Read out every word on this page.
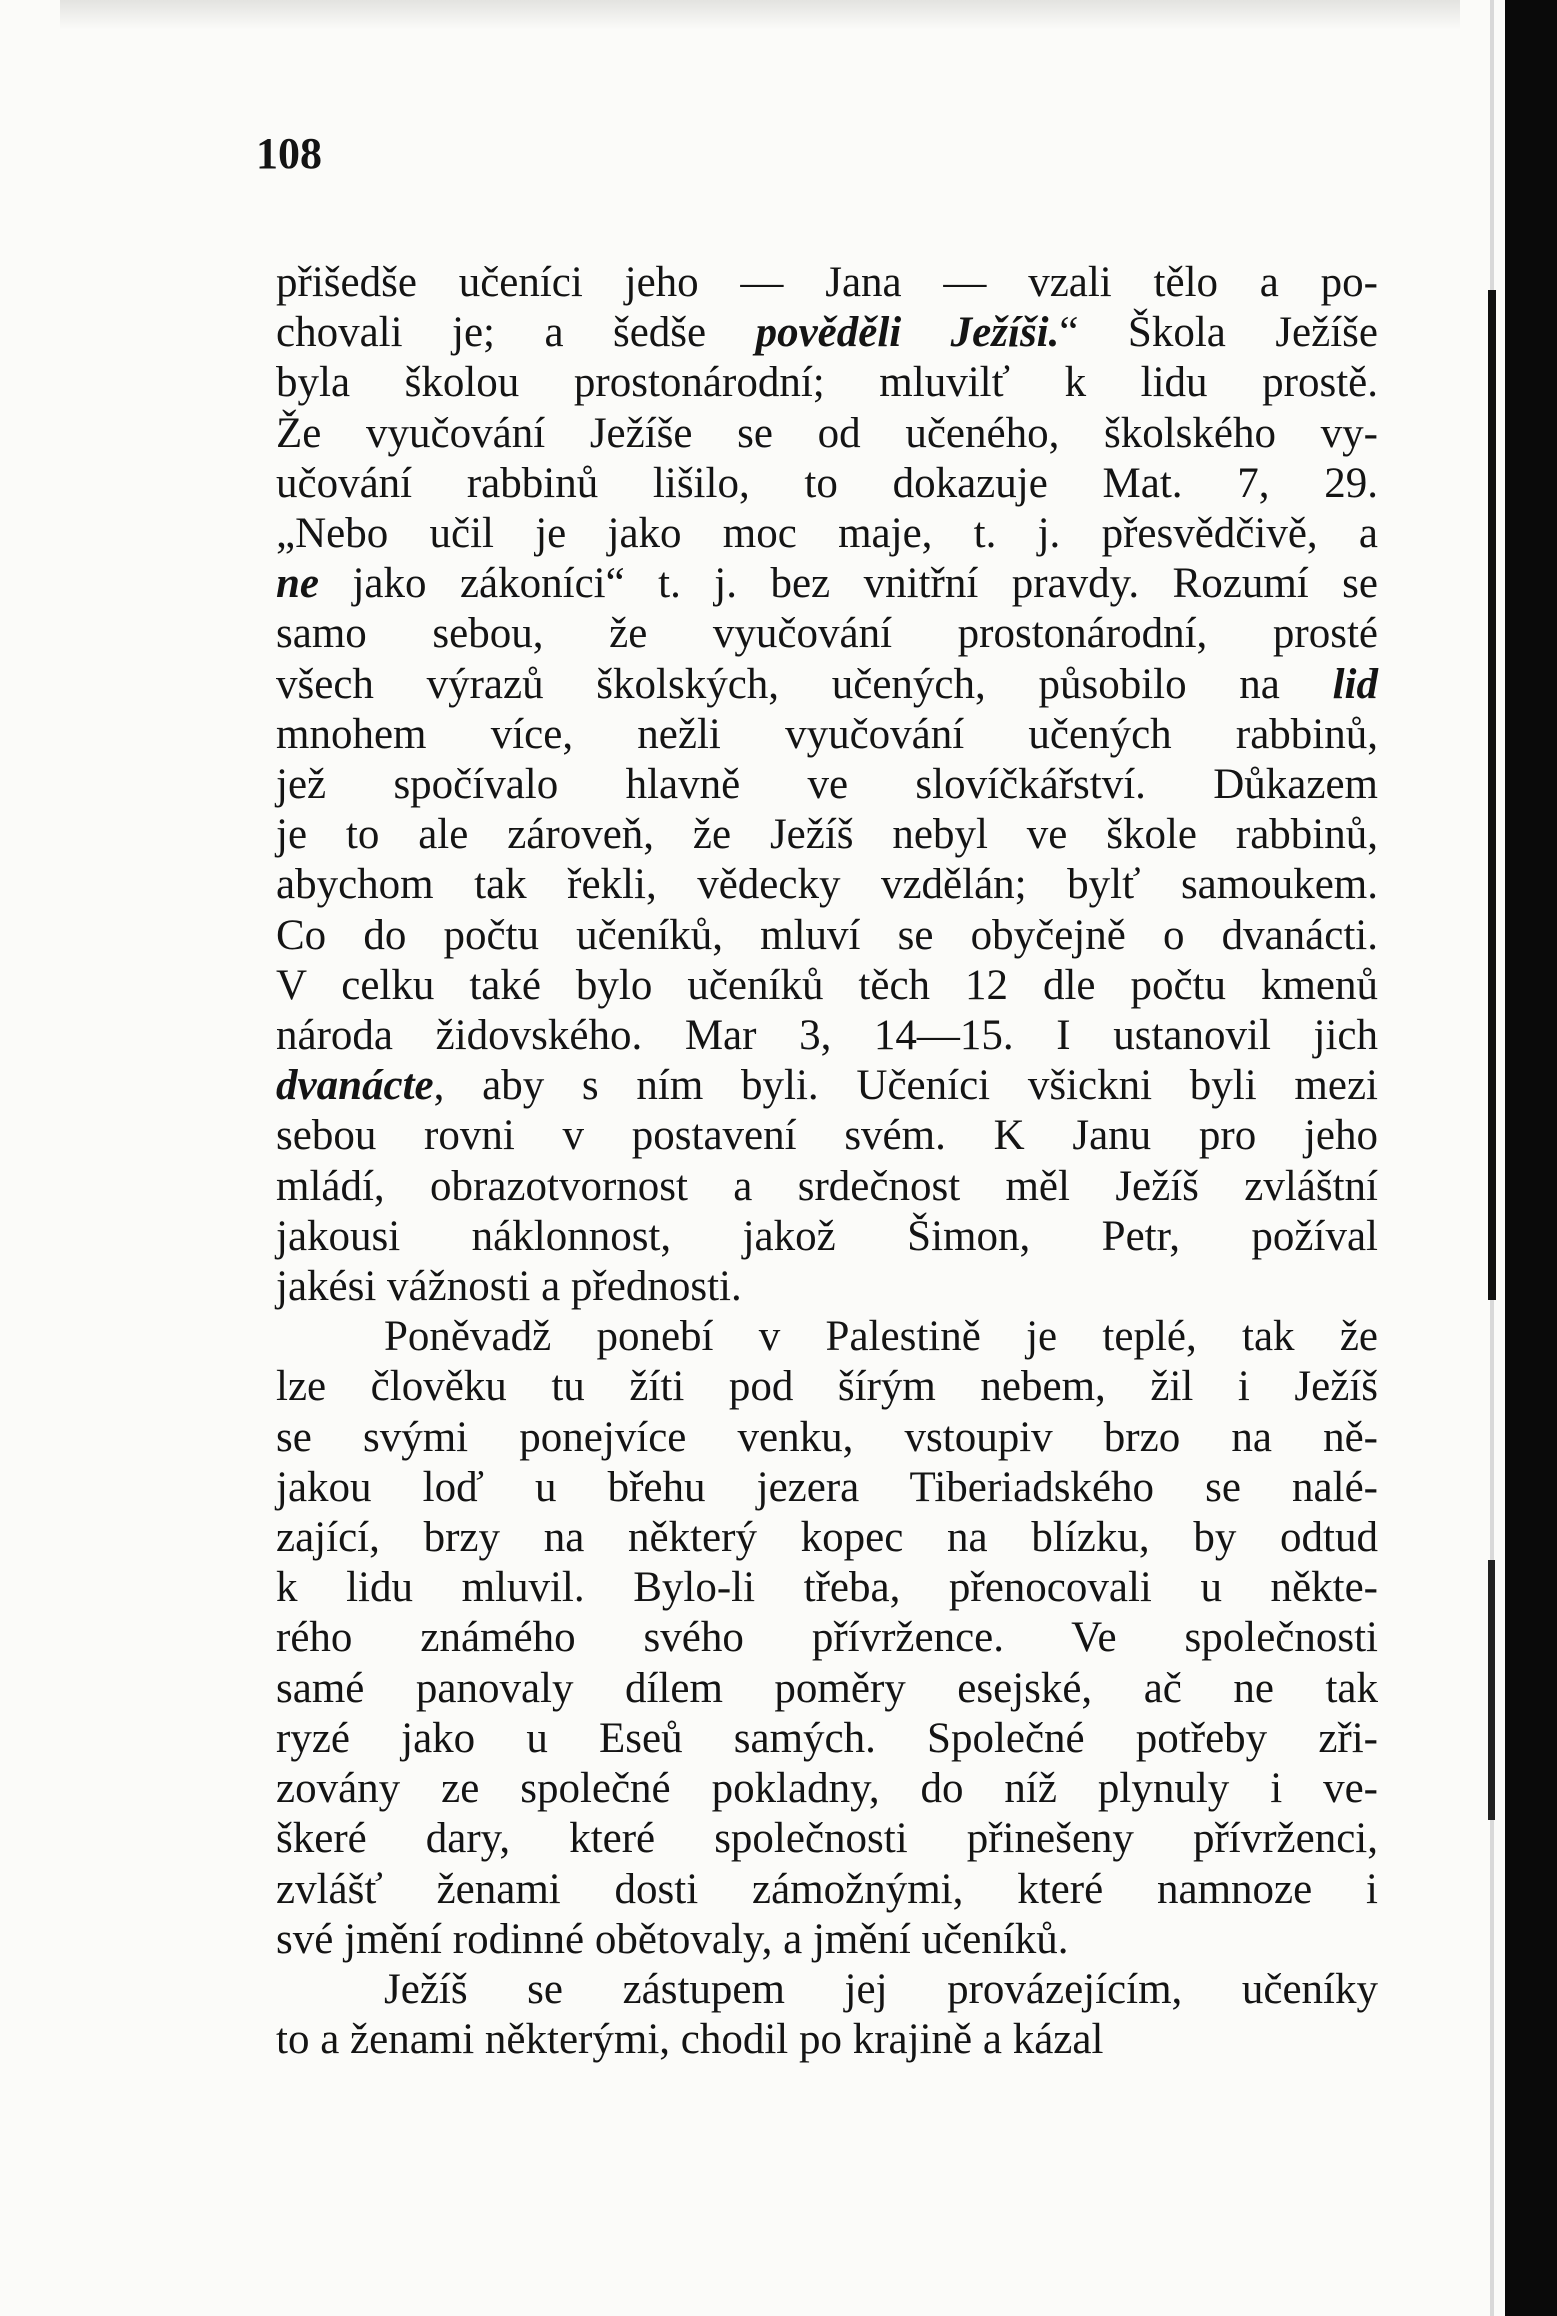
108
přišedše učeníci jeho — Jana — vzali tělo a po-
chovali je; a šedše pověděli Ježíši.“ Škola Ježíše
byla školou prostonárodní; mluvilť k lidu prostě.
Že vyučování Ježíše se od učeného, školského vy-
učování rabbinů lišilo, to dokazuje Mat. 7, 29.
„Nebo učil je jako moc maje, t. j. přesvědčivě, a
ne jako zákoníci“ t. j. bez vnitřní pravdy. Rozumí se
samo sebou, že vyučování prostonárodní, prosté
všech výrazů školských, učených, působilo na lid
mnohem více, nežli vyučování učených rabbinů,
jež spočívalo hlavně ve slovíčkářství. Důkazem
je to ale zároveň, že Ježíš nebyl ve škole rabbinů,
abychom tak řekli, vědecky vzdělán; bylť samoukem.
Co do počtu učeníků, mluví se obyčejně o dvanácti.
V celku také bylo učeníků těch 12 dle počtu kmenů
národa židovského. Mar 3, 14—15. I ustanovil jich
dvanácte, aby s ním byli. Učeníci všickni byli mezi
sebou rovni v postavení svém. K Janu pro jeho
mládí, obrazotvornost a srdečnost měl Ježíš zvláštní
jakousi náklonnost, jakož Šimon, Petr, požíval
jakési vážnosti a přednosti.
Poněvadž ponebí v Palestině je teplé, tak že
lze člověku tu žíti pod šírým nebem, žil i Ježíš
se svými ponejvíce venku, vstoupiv brzo na ně-
jakou loď u břehu jezera Tiberiadského se nalé-
zající, brzy na některý kopec na blízku, by odtud
k lidu mluvil. Bylo-li třeba, přenocovali u někte-
rého známého svého přívržence. Ve společnosti
samé panovaly dílem poměry esejské, ač ne tak
ryzé jako u Eseů samých. Společné potřeby zři-
zovány ze společné pokladny, do níž plynuly i ve-
škeré dary, které společnosti přinešeny přívrženci,
zvlášť ženami dosti zámožnými, které namnoze i
své jmění rodinné obětovaly, a jmění učeníků.
Ježíš se zástupem jej provázejícím, učeníky
to a ženami některými, chodil po krajině a kázal
